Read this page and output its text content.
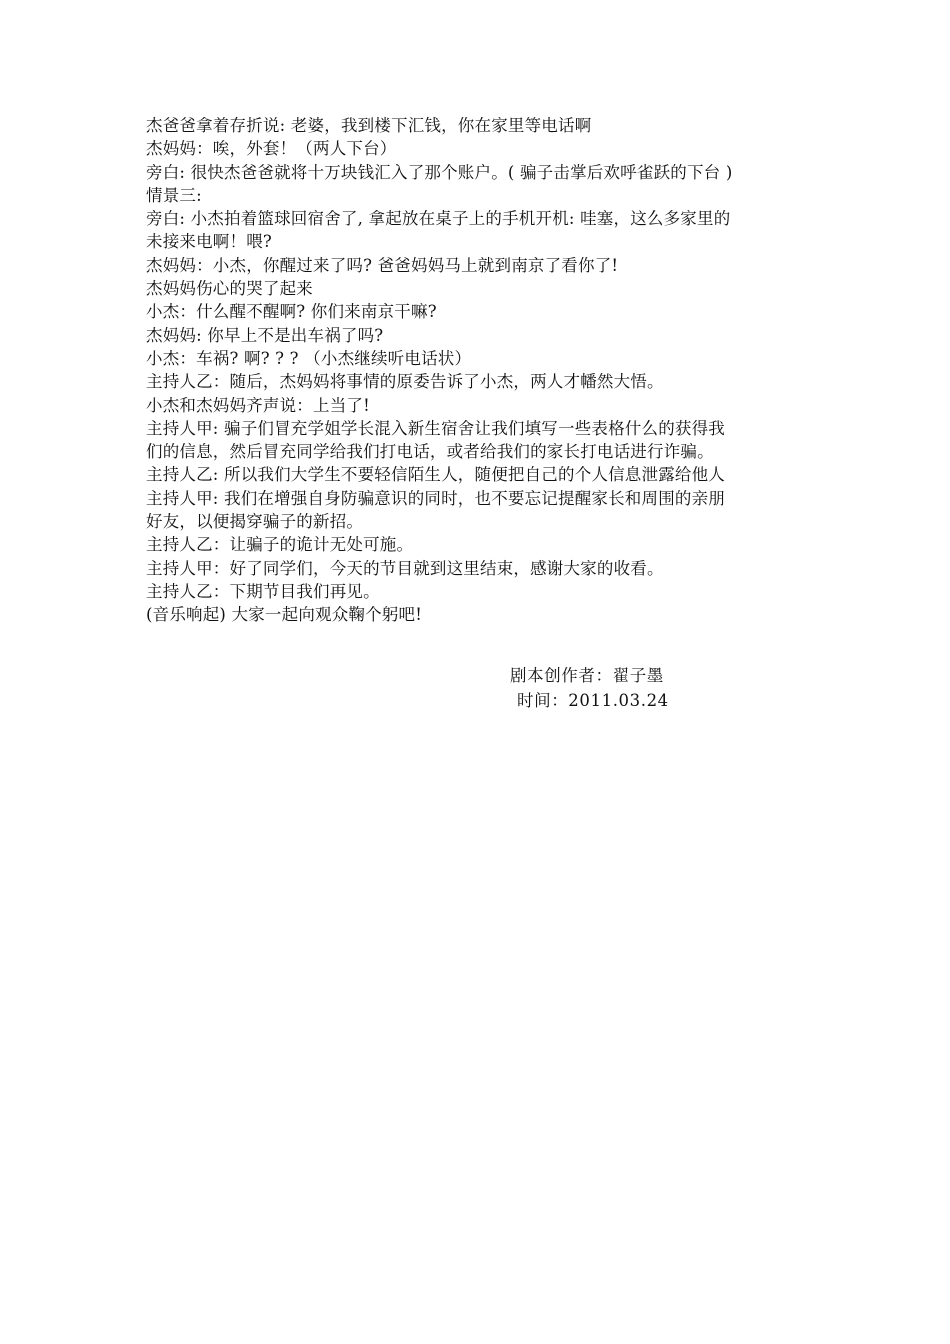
杰爸爸拿着存折说: 老婆，我到楼下汇钱，你在家里等电话啊
杰妈妈：唉，外套！（两人下台）
旁白: 很快杰爸爸就将十万块钱汇入了那个账户。( 骗子击掌后欢呼雀跃的下台 )
情景三:
旁白: 小杰拍着篮球回宿舍了, 拿起放在桌子上的手机开机: 哇塞，这么多家里的
未接来电啊！喂?
杰妈妈：小杰，你醒过来了吗? 爸爸妈妈马上就到南京了看你了!
杰妈妈伤心的哭了起来
小杰：什么醒不醒啊? 你们来南京干嘛?
杰妈妈: 你早上不是出车祸了吗?
小杰：车祸? 啊? ? ? （小杰继续听电话状）
主持人乙：随后，杰妈妈将事情的原委告诉了小杰，两人才幡然大悟。
小杰和杰妈妈齐声说：上当了!
主持人甲: 骗子们冒充学姐学长混入新生宿舍让我们填写一些表格什么的获得我
们的信息，然后冒充同学给我们打电话，或者给我们的家长打电话进行诈骗。
主持人乙: 所以我们大学生不要轻信陌生人，随便把自己的个人信息泄露给他人
主持人甲: 我们在增强自身防骗意识的同时，也不要忘记提醒家长和周围的亲朋
好友，以便揭穿骗子的新招。
主持人乙：让骗子的诡计无处可施。
主持人甲：好了同学们，今天的节目就到这里结束，感谢大家的收看。
主持人乙：下期节目我们再见。
(音乐响起) 大家一起向观众鞠个躬吧!
剧本创作者：翟子墨
时间：2011.03.24
